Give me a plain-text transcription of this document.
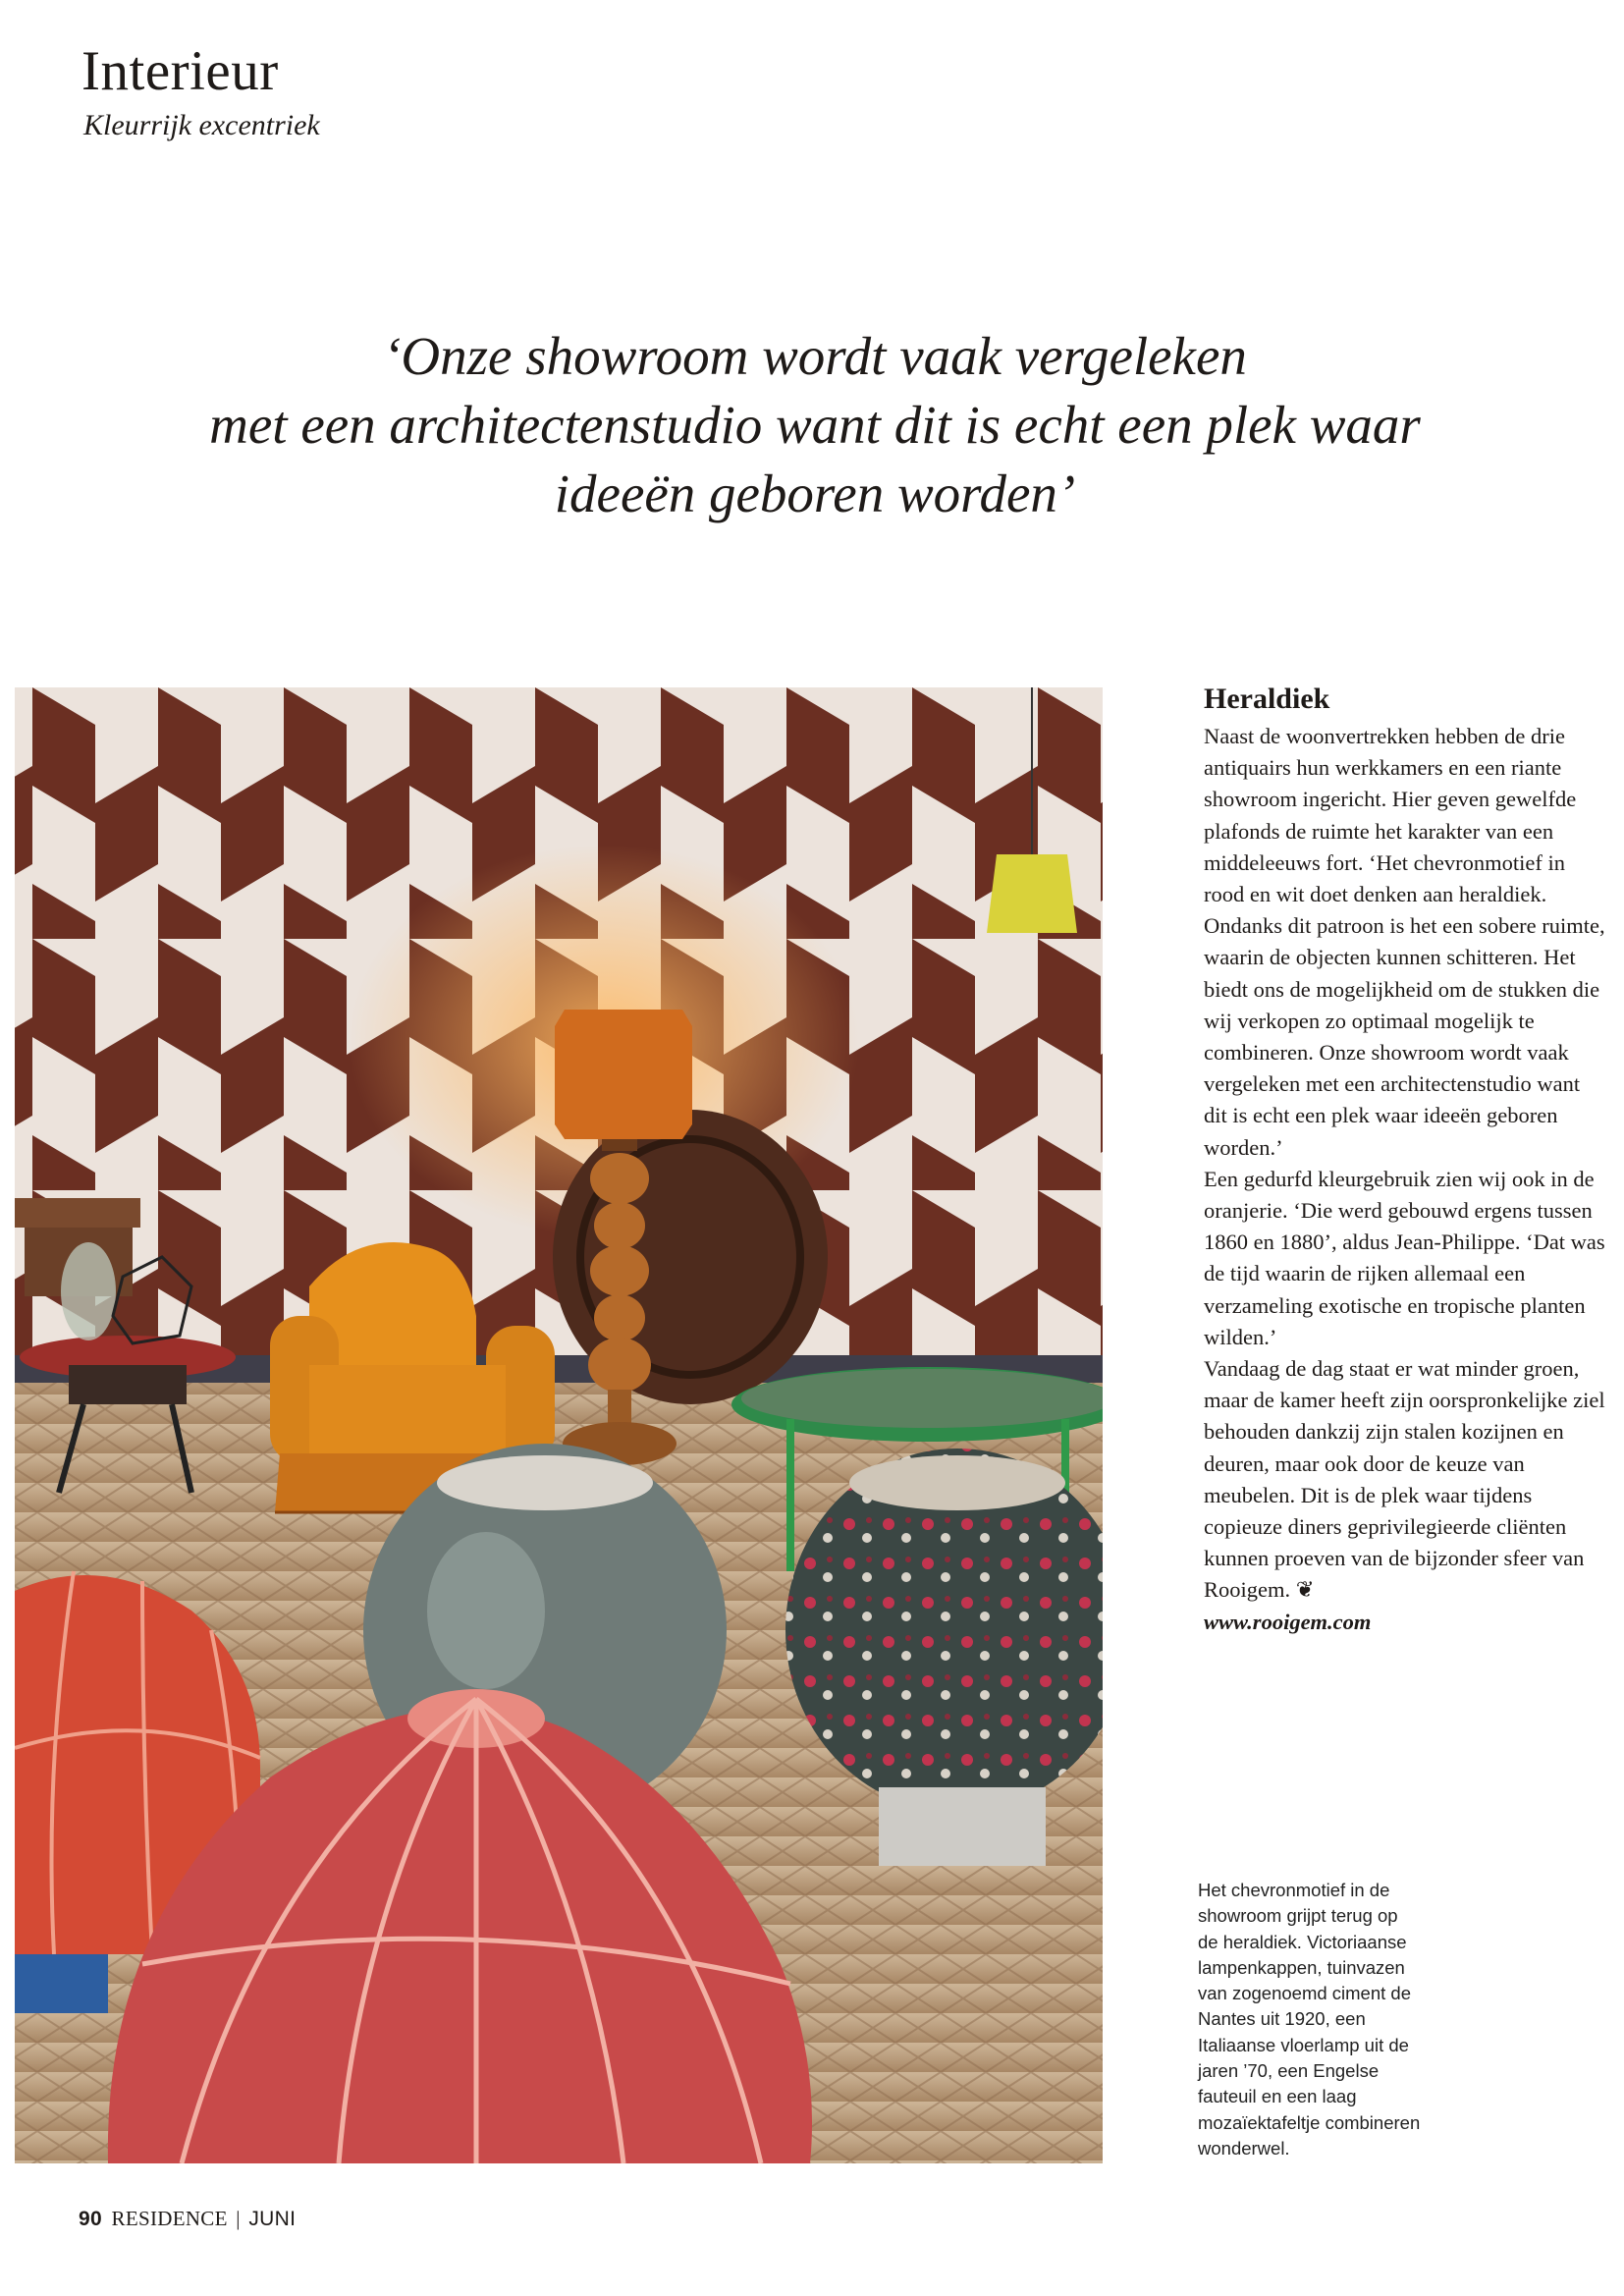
Interieur
Kleurrijk excentriek
‘Onze showroom wordt vaak vergeleken
met een architectenstudio want dit is echt een plek waar
ideeën geboren worden’
Heraldiek

Naast de woonvertrekken hebben de drie antiquairs hun werkkamers en een riante showroom ingericht. Hier geven gewelfde plafonds de ruimte het karakter van een middeleeuws fort. ‘Het chevronmotief in rood en wit doet denken aan heraldiek. Ondanks dit patroon is het een sobere ruimte, waarin de objecten kunnen schitteren. Het biedt ons de mogelijkheid om de stukken die wij verkopen zo optimaal mogelijk te combineren. Onze showroom wordt vaak vergeleken met een architectenstudio want dit is echt een plek waar ideeën geboren worden.’

Een gedurfd kleurgebruik zien wij ook in de oranjerie. ‘Die werd gebouwd ergens tussen 1860 en 1880’, aldus Jean-Philippe. ‘Dat was de tijd waarin de rijken allemaal een verzameling exotische en tropische planten wilden.’

Vandaag de dag staat er wat minder groen, maar de kamer heeft zijn oorspronkelijke ziel behouden dankzij zijn stalen kozijnen en deuren, maar ook door de keuze van meubelen. Dit is de plek waar tijdens copieuze diners geprivilegieerde cliënten kunnen proeven van de bijzonder sfeer van Rooigem. ❦

www.rooigem.com

Het chevronmotief in de
showroom grijpt terug op
de heraldiek. Victoriaanse
lampenkappen, tuinvazen
van zogenoemd ciment de
Nantes uit 1920, een
Italiaanse vloerlamp uit de
jaren ’70, een Engelse
fauteuil en een laag
mozaïektafeltje combineren
wonderwel.

90 RESIDENCE | JUNI
